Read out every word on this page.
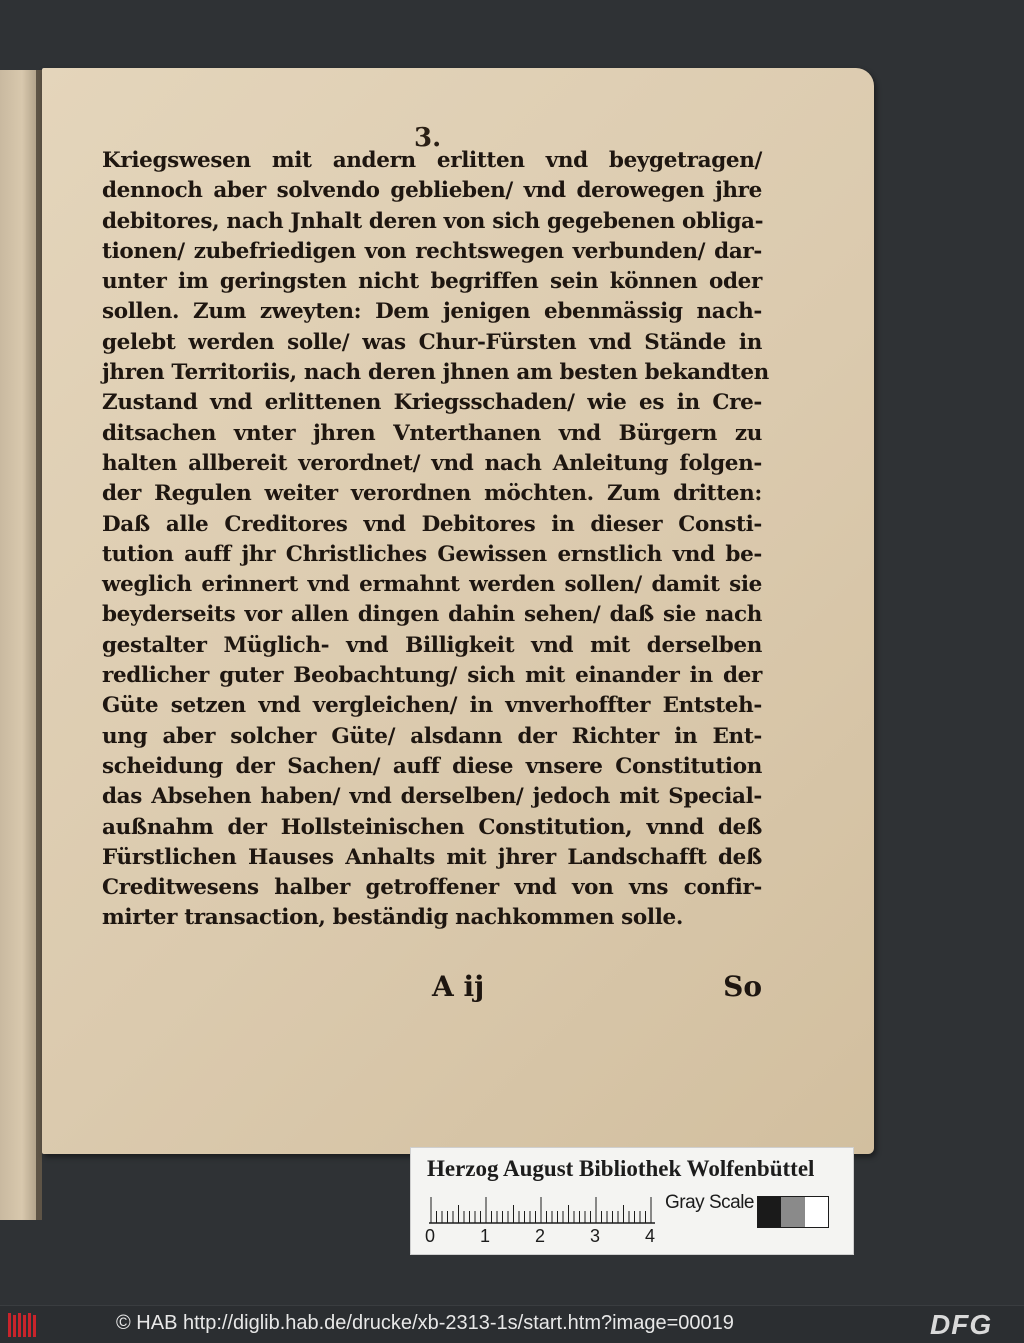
3.
Kriegswesen mit andern erlitten vnd beygetragen/
dennoch aber solvendo geblieben/ vnd derowegen jhre
debitores, nach Jnhalt deren von sich gegebenen obliga-
tionen/ zubefriedigen von rechtswegen verbunden/ dar-
unter im geringsten nicht begriffen sein können oder
sollen. Zum zweyten: Dem jenigen ebenmässig nach-
gelebt werden solle/ was Chur-Fürsten vnd Stände in
jhren Territoriis, nach deren jhnen am besten bekandten
Zustand vnd erlittenen Kriegsschaden/ wie es in Cre-
ditsachen vnter jhren Vnterthanen vnd Bürgern zu
halten allbereit verordnet/ vnd nach Anleitung folgen-
der Regulen weiter verordnen möchten. Zum dritten:
Daß alle Creditores vnd Debitores in dieser Consti-
tution auff jhr Christliches Gewissen ernstlich vnd be-
weglich erinnert vnd ermahnt werden sollen/ damit sie
beyderseits vor allen dingen dahin sehen/ daß sie nach
gestalter Müglich- vnd Billigkeit vnd mit derselben
redlicher guter Beobachtung/ sich mit einander in der
Güte setzen vnd vergleichen/ in vnverhoffter Entsteh-
ung aber solcher Güte/ alsdann der Richter in Ent-
scheidung der Sachen/ auff diese vnsere Constitution
das Absehen haben/ vnd derselben/ jedoch mit Special-
außnahm der Hollsteinischen Constitution, vnnd deß
Fürstlichen Hauses Anhalts mit jhrer Landschafft deß
Creditwesens halber getroffener vnd von vns confir-
mirter transaction, beständig nachkommen solle.
A ij	So
Herzog August Bibliothek Wolfenbüttel
0 1 2 3 4
Gray Scale
© HAB http://diglib.hab.de/drucke/xb-2313-1s/start.htm?image=00019	DFG
